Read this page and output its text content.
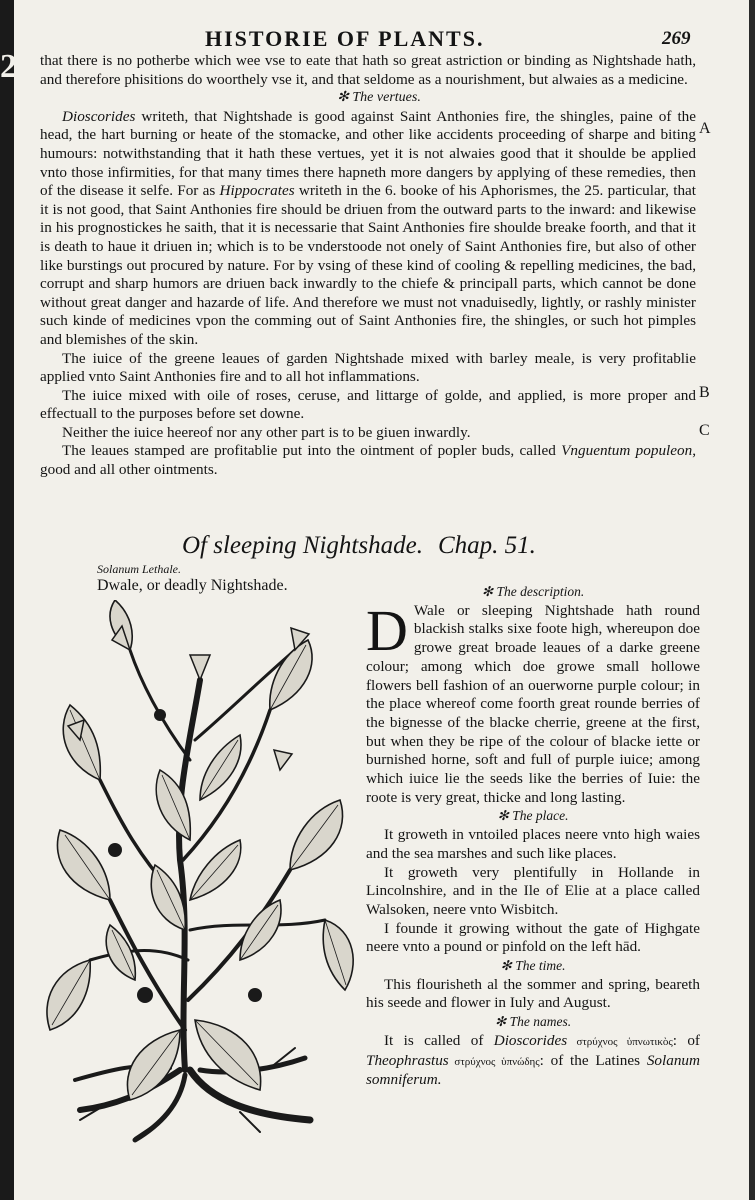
HISTORIE OF PLANTS.	269

that there is no potherbe which wee vse to eate that hath so great astriction or binding as Nightshade hath, and therefore phisitions do woorthely vse it, and that seldome as a nourishment, but alwaies as a medicine.

✻ The vertues.

Dioscorides writeth, that Nightshade is good against Saint Anthonies fire, the shingles, paine of the head, the hart burning or heate of the stomacke, and other like accidents proceeding of sharpe and biting humours: notwithstanding that it hath these vertues, yet it is not alwaies good that it shoulde be applied vnto those infirmities, for that many times there hapneth more dangers by applying of these remedies, then of the disease it selfe. For as Hippocrates writeth in the 6. booke of his Aphorismes, the 25. particular, that it is not good, that Saint Anthonies fire should be driuen from the outward parts to the inward: and likewise in his prognostickes he saith, that it is necessarie that Saint Anthonies fire shoulde breake foorth, and that it is death to haue it driuen in; which is to be vnderstoode not onely of Saint Anthonies fire, but also of other like burstings out procured by nature. For by vsing of these kind of cooling & repelling medicines, the bad, corrupt and sharp humors are driuen back inwardly to the chiefe & principall parts, which cannot be done without great danger and hazarde of life. And therefore we must not vnaduisedly, lightly, or rashly minister such kinde of medicines vpon the comming out of Saint Anthonies fire, the shingles, or such hot pimples and blemishes of the skin.

The iuice of the greene leaues of garden Nightshade mixed with barley meale, is very profitablie applied vnto Saint Anthonies fire and to all hot inflammations.

The iuice mixed with oile of roses, ceruse, and littarge of golde, and applied, is more proper and effectuall to the purposes before set downe.

Neither the iuice heereof nor any other part is to be giuen inwardly.

The leaues stamped are profitablie put into the ointment of popler buds, called Vnguentum populeon, good and all other ointments.

A
B
C
Of sleeping Nightshade. Chap. 51.
Solanum Lethale.
Dwale, or deadly Nightshade.	✻ The description.

D Wale or sleeping Nightshade hath round blackish stalks sixe foote high, whereupon doe growe great broade leaues of a darke greene colour; among which doe growe small hollowe flowers bell fashion of an ouerworne purple colour; in the place whereof come foorth great rounde berries of the bignesse of the blacke cherrie, greene at the first, but when they be ripe of the colour of blacke iette or burnished horne, soft and full of purple iuice; among which iuice lie the seeds like the berries of Iuie: the roote is very great, thicke and long lasting.

✻ The place.

It groweth in vntoiled places neere vnto high waies and the sea marshes and such like places.

It groweth very plentifully in Hollande in Lincolnshire, and in the Ile of Elie at a place called Walsoken, neere vnto Wisbitch.

I founde it growing without the gate of Highgate neere vnto a pound or pinfold on the left hād.

✻ The time.

This flourisheth al the sommer and spring, beareth his seede and flower in Iuly and August.

✻ The names.

It is called of Dioscorides στρύχνος ὑπνωτικὸς: of Theophrastus στρύχνος ὑπνώδης: of the Latines Solanum somniferum.

2
